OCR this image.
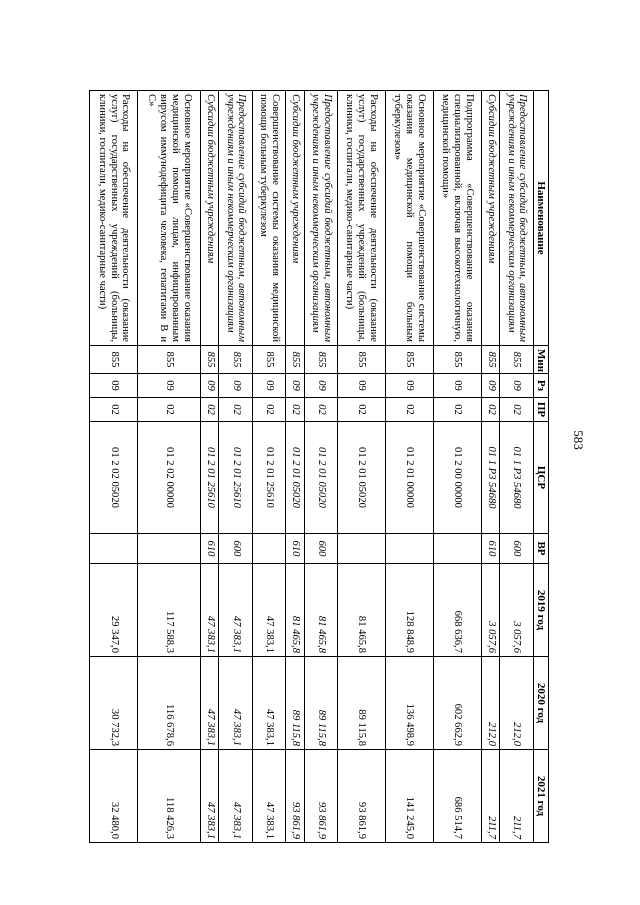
583
Наименование	Мин	Рз	ПР	ЦСР	ВР	2019 год	2020 год	2021 год
Предоставление субсидий бюджетным, автономным учреждениям и иным некоммерческим организациям	855	09	02	01 1 Р3 54680	600	3 057,6	212,0	211,7
Субсидии бюджетным учреждениям	855	09	02	01 1 Р3 54680	610	3 057,6	212,0	211,7
Подпрограмма «Совершенствование оказания специализированной, включая высокотехнологичную, медицинской помощи»	855	09	02	01 2 00 00000		668 636,7	602 662,9	686 514,7
Основное мероприятие «Совершенствование системы оказания медицинской помощи больным туберкулезом»	855	09	02	01 2 01 00000		128 848,9	136 498,9	141 245,0
Расходы на обеспечение деятельности (оказание услуг) государственных учреждений (больницы, клиники, госпитали, медико-санитарные части)	855	09	02	01 2 01 05020		81 465,8	89 115,8	93 861,9
Предоставление субсидий бюджетным, автономным учреждениям и иным некоммерческим организациям	855	09	02	01 2 01 05020	600	81 465,8	89 115,8	93 861,9
Субсидии бюджетным учреждениям	855	09	02	01 2 01 05020	610	81 465,8	89 115,8	93 861,9
Совершенствование системы оказания медицинской помощи больным туберкулезом	855	09	02	01 2 01 25610		47 383,1	47 383,1	47 383,1
Предоставление субсидий бюджетным, автономным учреждениям и иным некоммерческим организациям	855	09	02	01 2 01 25610	600	47 383,1	47 383,1	47 383,1
Субсидии бюджетным учреждениям	855	09	02	01 2 01 25610	610	47 383,1	47 383,1	47 383,1
Основное мероприятие «Совершенствование оказания медицинской помощи лицам, инфицированным вирусом иммунодефицита человека, гепатитами В и С»	855	09	02	01 2 02 00000		117 588,3	116 678,6	118 426,3
Расходы на обеспечение деятельности (оказание услуг) государственных учреждений (больницы, клиники, госпитали, медико-санитарные части)	855	09	02	01 2 02 05020		29 347,0	30 732,3	32 480,0
